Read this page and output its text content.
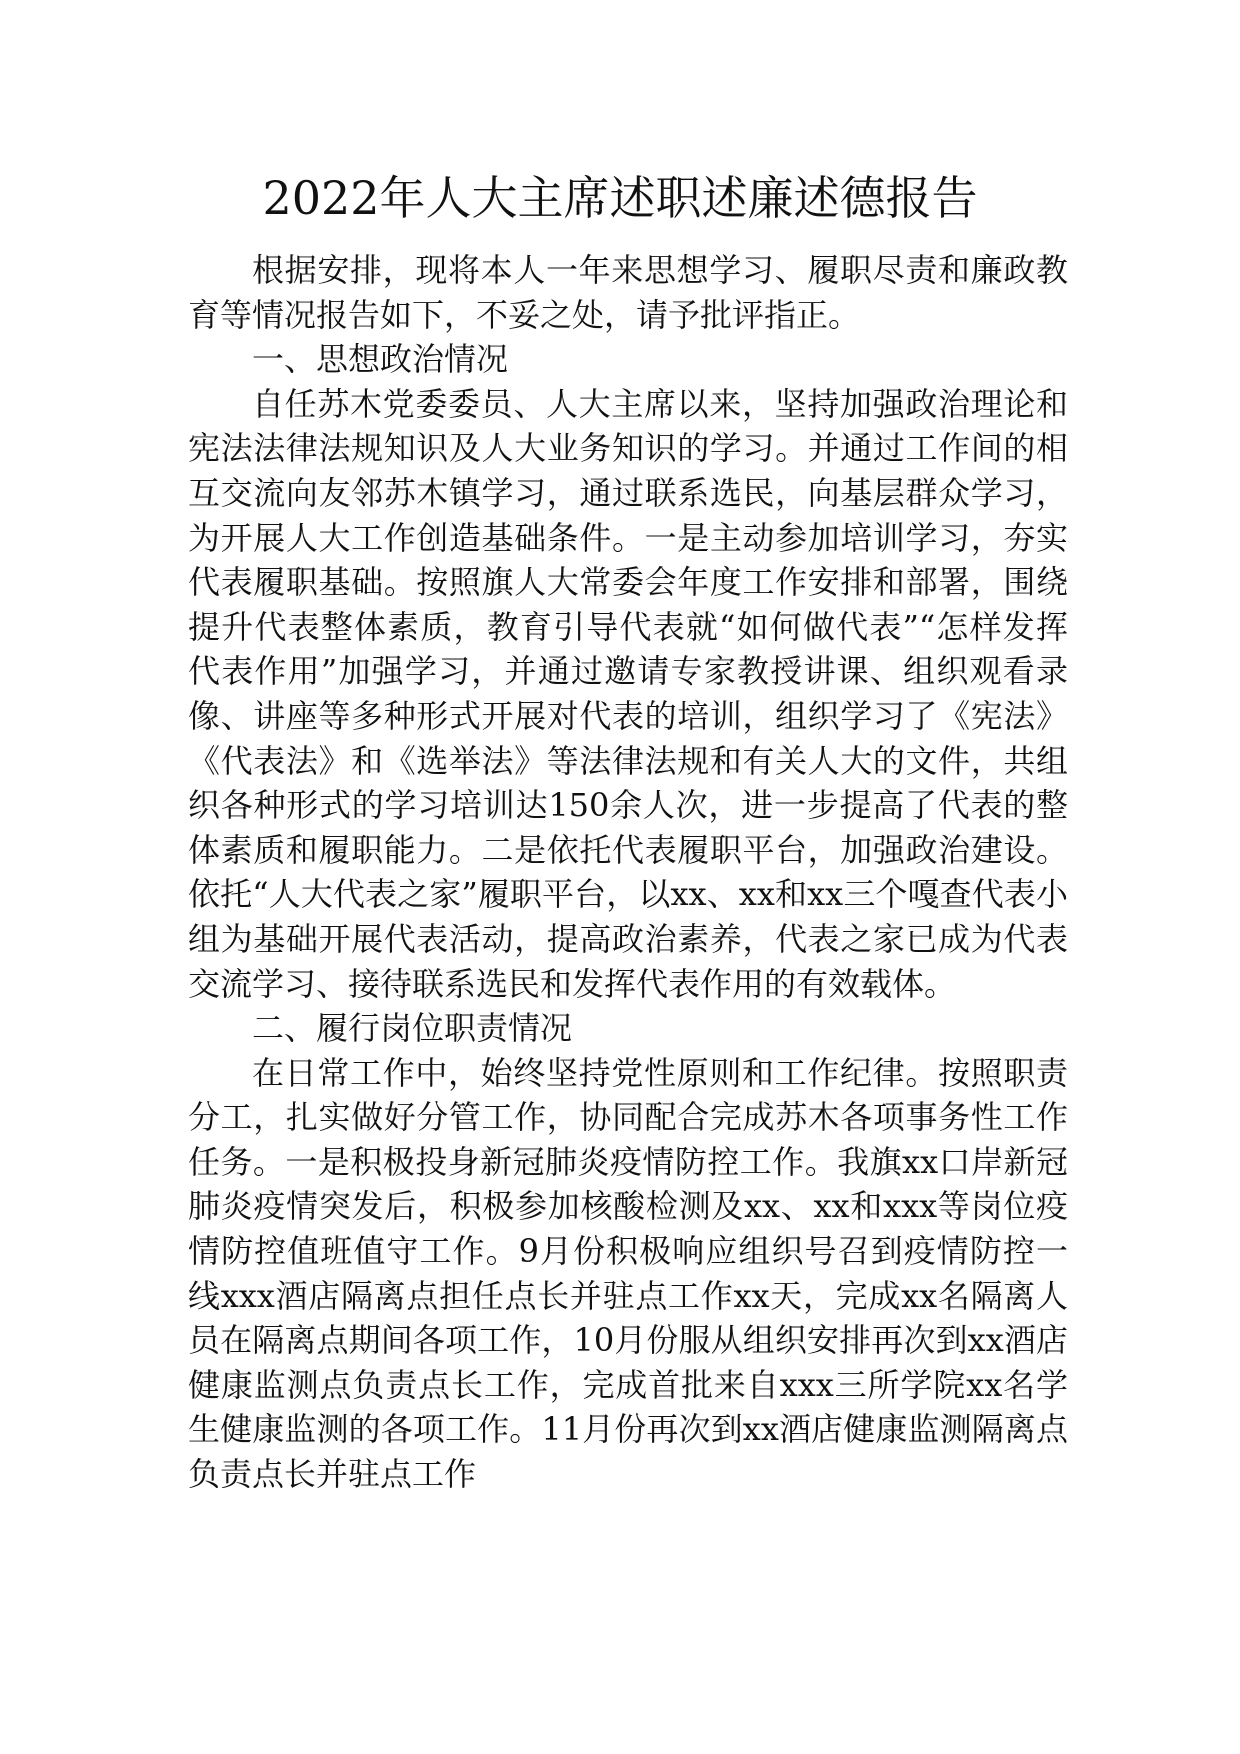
2022年人大主席述职述廉述德报告

根据安排，现将本人一年来思想学习、履职尽责和廉政教育等情况报告如下，不妥之处，请予批评指正。

一、思想政治情况

自任苏木党委委员、人大主席以来，坚持加强政治理论和宪法法律法规知识及人大业务知识的学习。并通过工作间的相互交流向友邻苏木镇学习，通过联系选民，向基层群众学习，为开展人大工作创造基础条件。一是主动参加培训学习，夯实代表履职基础。按照旗人大常委会年度工作安排和部署，围绕提升代表整体素质，教育引导代表就“如何做代表”“怎样发挥代表作用”加强学习，并通过邀请专家教授讲课、组织观看录像、讲座等多种形式开展对代表的培训，组织学习了《宪法》《代表法》和《选举法》等法律法规和有关人大的文件，共组织各种形式的学习培训达150余人次，进一步提高了代表的整体素质和履职能力。二是依托代表履职平台，加强政治建设。依托“人大代表之家”履职平台，以xx、xx和xx三个嘎查代表小组为基础开展代表活动，提高政治素养，代表之家已成为代表交流学习、接待联系选民和发挥代表作用的有效载体。

二、履行岗位职责情况

在日常工作中，始终坚持党性原则和工作纪律。按照职责分工，扎实做好分管工作，协同配合完成苏木各项事务性工作任务。一是积极投身新冠肺炎疫情防控工作。我旗xx口岸新冠肺炎疫情突发后，积极参加核酸检测及xx、xx和xxx等岗位疫情防控值班值守工作。9月份积极响应组织号召到疫情防控一线xxx酒店隔离点担任点长并驻点工作xx天，完成xx名隔离人员在隔离点期间各项工作，10月份服从组织安排再次到xx酒店健康监测点负责点长工作，完成首批来自xxx三所学院xx名学生健康监测的各项工作。11月份再次到xx酒店健康监测隔离点负责点长并驻点工作
